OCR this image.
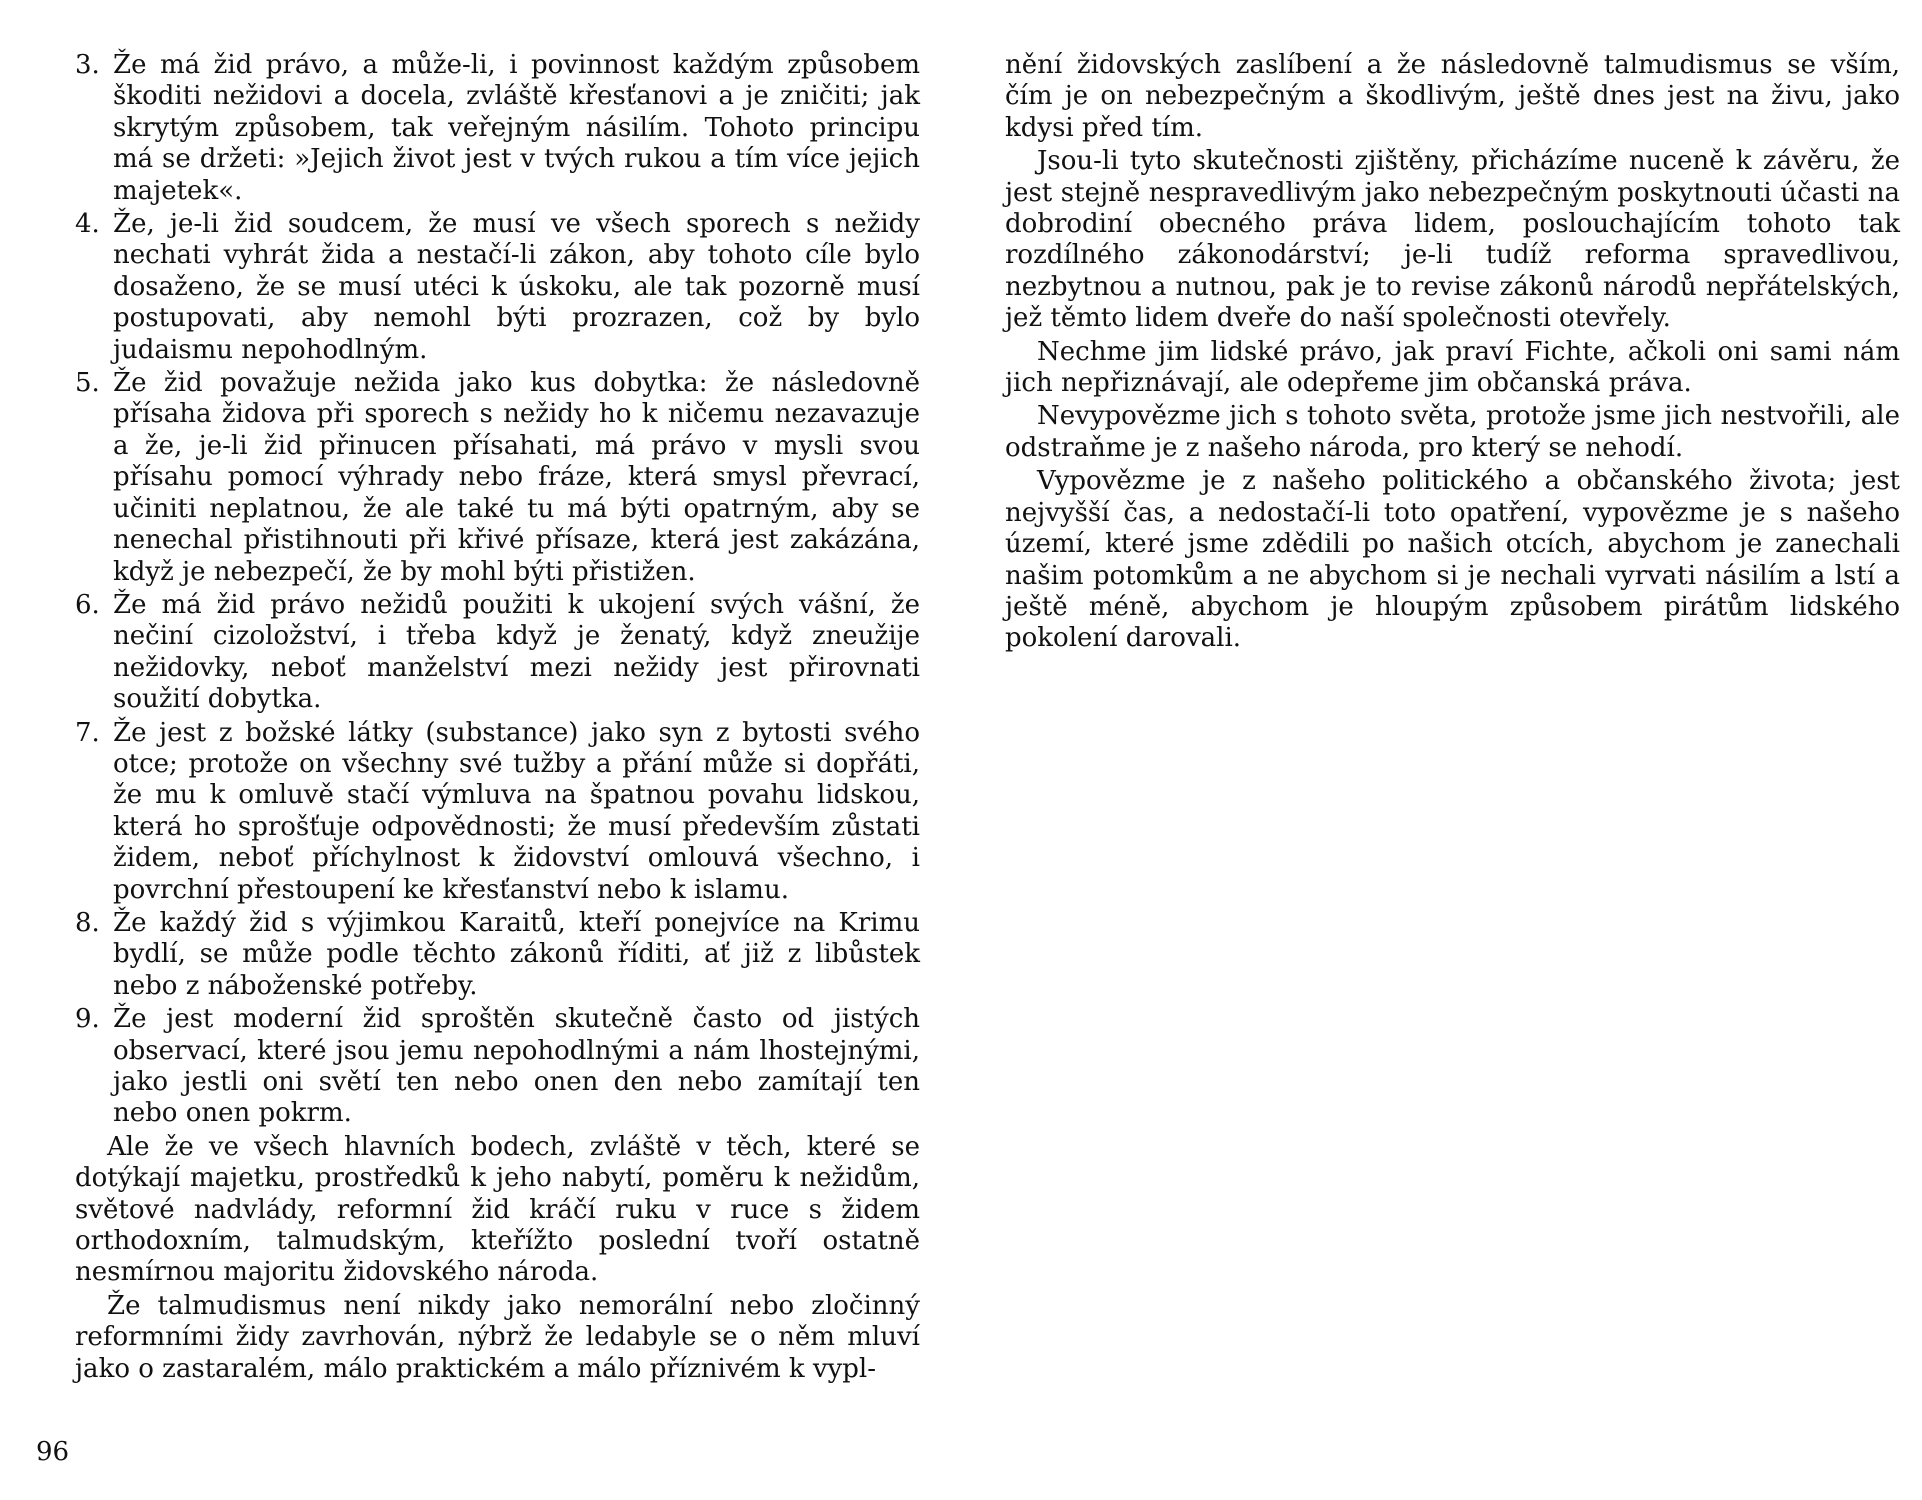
3. Že má žid právo, a může-li, i povinnost každým způsobem škoditi nežidovi a docela, zvláště křesťanovi a je zničiti; jak skrytým způsobem, tak veřejným násilím. Tohoto principu má se držeti: »Jejich život jest v tvých rukou a tím více jejich majetek«.
4. Že, je-li žid soudcem, že musí ve všech sporech s nežidy nechati vyhrát žida a nestačí-li zákon, aby tohoto cíle bylo dosaženo, že se musí utéci k úskoku, ale tak pozorně musí postupovati, aby nemohl býti prozrazen, což by bylo judaismu nepohodlným.
5. Že žid považuje nežida jako kus dobytka: že následovně přísaha židova při sporech s nežidy ho k ničemu nezavazuje a že, je-li žid přinucen přísahati, má právo v mysli svou přísahu pomocí výhrady nebo fráze, která smysl převrací, učiniti neplatnou, že ale také tu má býti opatrným, aby se nenechal přistihnouti při křivé přísaze, která jest zakázána, když je nebezpečí, že by mohl býti přistižen.
6. Že má žid právo nežidů použiti k ukojení svých vášní, že nečiní cizoložství, i třeba když je ženatý, když zneužije nežidovky, neboť manželství mezi nežidy jest přirovnati soužití dobytka.
7. Že jest z božské látky (substance) jako syn z bytosti svého otce; protože on všechny své tužby a přání může si dopřáti, že mu k omluvě stačí výmluva na špatnou povahu lidskou, která ho sprošťuje odpovědnosti; že musí především zůstati židem, neboť příchylnost k židovství omlouvá všechno, i povrchní přestoupení ke křesťanství nebo k islamu.
8. Že každý žid s výjimkou Karaitů, kteří ponejvíce na Krimu bydlí, se může podle těchto zákonů říditi, ať již z libůstek nebo z náboženské potřeby.
9. Že jest moderní žid sproštěn skutečně často od jistých observací, které jsou jemu nepohodlnými a nám lhostejnými, jako jestli oni světí ten nebo onen den nebo zamítají ten nebo onen pokrm.

Ale že ve všech hlavních bodech, zvláště v těch, které se dotýkají majetku, prostředků k jeho nabytí, poměru k nežidům, světové nadvlády, reformní žid kráčí ruku v ruce s židem orthodoxním, talmudským, kteřížto poslední tvoří ostatně nesmírnou majoritu židovského národa.

Že talmudismus není nikdy jako nemorální nebo zločinný reformními židy zavrhován, nýbrž že ledabyle se o něm mluví jako o zastaralém, málo praktickém a málo příznivém k vypl-

96

nění židovských zaslíbení a že následovně talmudismus se vším, čím je on nebezpečným a škodlivým, ještě dnes jest na živu, jako kdysi před tím.

Jsou-li tyto skutečnosti zjištěny, přicházíme nuceně k závěru, že jest stejně nespravedlivým jako nebezpečným poskytnouti účasti na dobrodiní obecného práva lidem, poslouchajícím tohoto tak rozdílného zákonodárství; je-li tudíž reforma spravedlivou, nezbytnou a nutnou, pak je to revise zákonů národů nepřátelských, jež těmto lidem dveře do naší společnosti otevřely.

Nechme jim lidské právo, jak praví Fichte, ačkoli oni sami nám jich nepřiznávají, ale odepřeme jim občanská práva.

Nevypovězme jich s tohoto světa, protože jsme jich nestvořili, ale odstraňme je z našeho národa, pro který se nehodí.

Vypovězme je z našeho politického a občanského života; jest nejvyšší čas, a nedostačí-li toto opatření, vypovězme je s našeho území, které jsme zdědili po našich otcích, abychom je zanechali našim potomkům a ne abychom si je nechali vyrvati násilím a lstí a ještě méně, abychom je hloupým způsobem pirátům lidského pokolení darovali.
